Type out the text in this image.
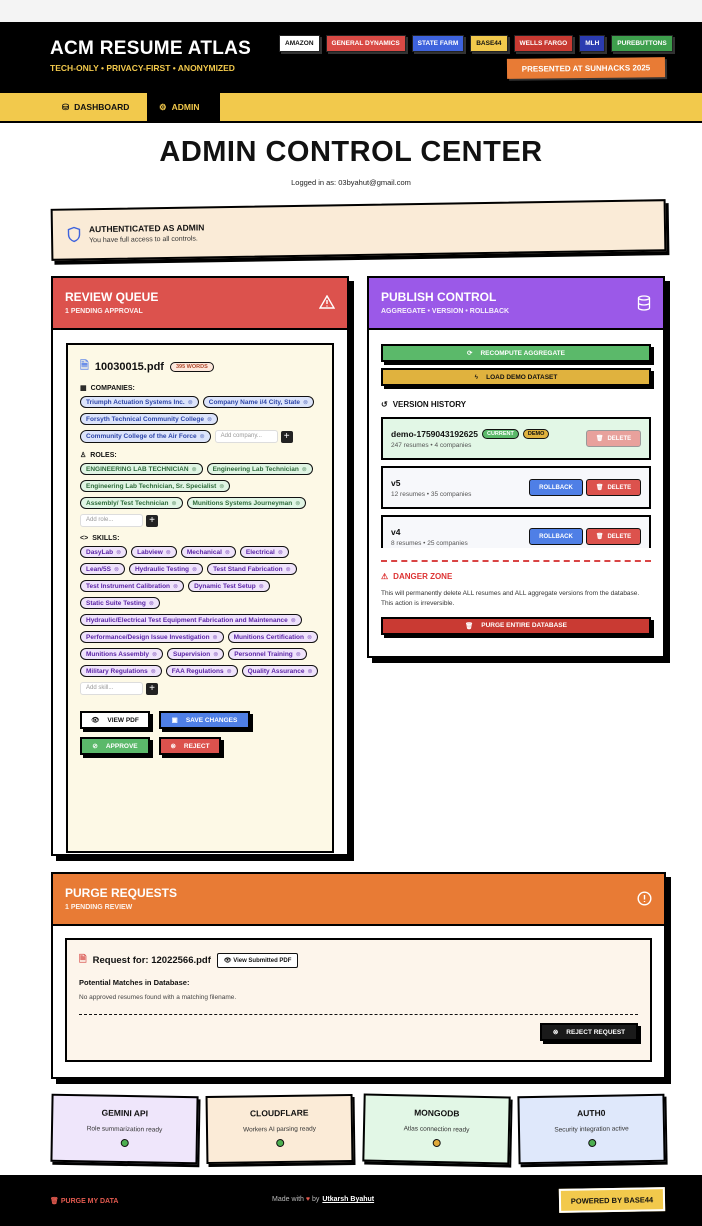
ACM RESUME ATLAS
TECH-ONLY • PRIVACY-FIRST • ANONYMIZED
AMAZON	GENERAL DYNAMICS	STATE FARM	BASE44	WELLS FARGO	MLH	PUREBUTTONS
PRESENTED AT SUNHACKS 2025
⛁ DASHBOARD	⚙ ADMIN
ADMIN CONTROL CENTER
Logged in as: 03byahut@gmail.com
AUTHENTICATED AS ADMIN
You have full access to all controls.
REVIEW QUEUE
1 PENDING APPROVAL
🗎 10030015.pdf	395 WORDS
▦ COMPANIES:
Triumph Actuation Systems Inc. ⊗ Company Name i/4 City, State ⊗
Forsyth Technical Community College ⊗
Community College of the Air Force ⊗	Add company...	+
♙ ROLES:
ENGINEERING LAB TECHNICIAN ⊗ Engineering Lab Technician ⊗
Engineering Lab Technician, Sr. Specialist ⊗
Assembly/ Test Technician ⊗ Munitions Systems Journeyman ⊗
Add role...	+
<> SKILLS:
DasyLab ⊗ Labview ⊗ Mechanical ⊗ Electrical ⊗
Lean/5S ⊗ Hydraulic Testing ⊗ Test Stand Fabrication ⊗
Test Instrument Calibration ⊗ Dynamic Test Setup ⊗
Static Suite Testing ⊗
Hydraulic/Electrical Test Equipment Fabrication and Maintenance ⊗
Performance/Design Issue Investigation ⊗ Munitions Certification ⊗
Munitions Assembly ⊗ Supervision ⊗ Personnel Training ⊗
Military Regulations ⊗ FAA Regulations ⊗ Quality Assurance ⊗
Add skill...	+
👁 VIEW PDF	▣ SAVE CHANGES
⊘ APPROVE	⊗ REJECT
PUBLISH CONTROL
AGGREGATE • VERSION • ROLLBACK
⟳ RECOMPUTE AGGREGATE
ϟ LOAD DEMO DATASET
↺ VERSION HISTORY
demo-1759043192625	CURRENT	DEMO
247 resumes • 4 companies
🗑 DELETE
v5
12 resumes • 35 companies
ROLLBACK	🗑 DELETE
v4
8 resumes • 25 companies
ROLLBACK	🗑 DELETE
⚠ DANGER ZONE
This will permanently delete ALL resumes and ALL aggregate versions from the database. This action is irreversible.
🗑 PURGE ENTIRE DATABASE
PURGE REQUESTS
1 PENDING REVIEW
🗎 Request for: 12022566.pdf	👁 View Submitted PDF
Potential Matches in Database:
No approved resumes found with a matching filename.
⊗ REJECT REQUEST
GEMINI API
Role summarization ready
CLOUDFLARE
Workers AI parsing ready
MONGODB
Atlas connection ready
AUTH0
Security integration active
🗑 PURGE MY DATA	Made with ♥ by Utkarsh Byahut	POWERED BY BASE44
